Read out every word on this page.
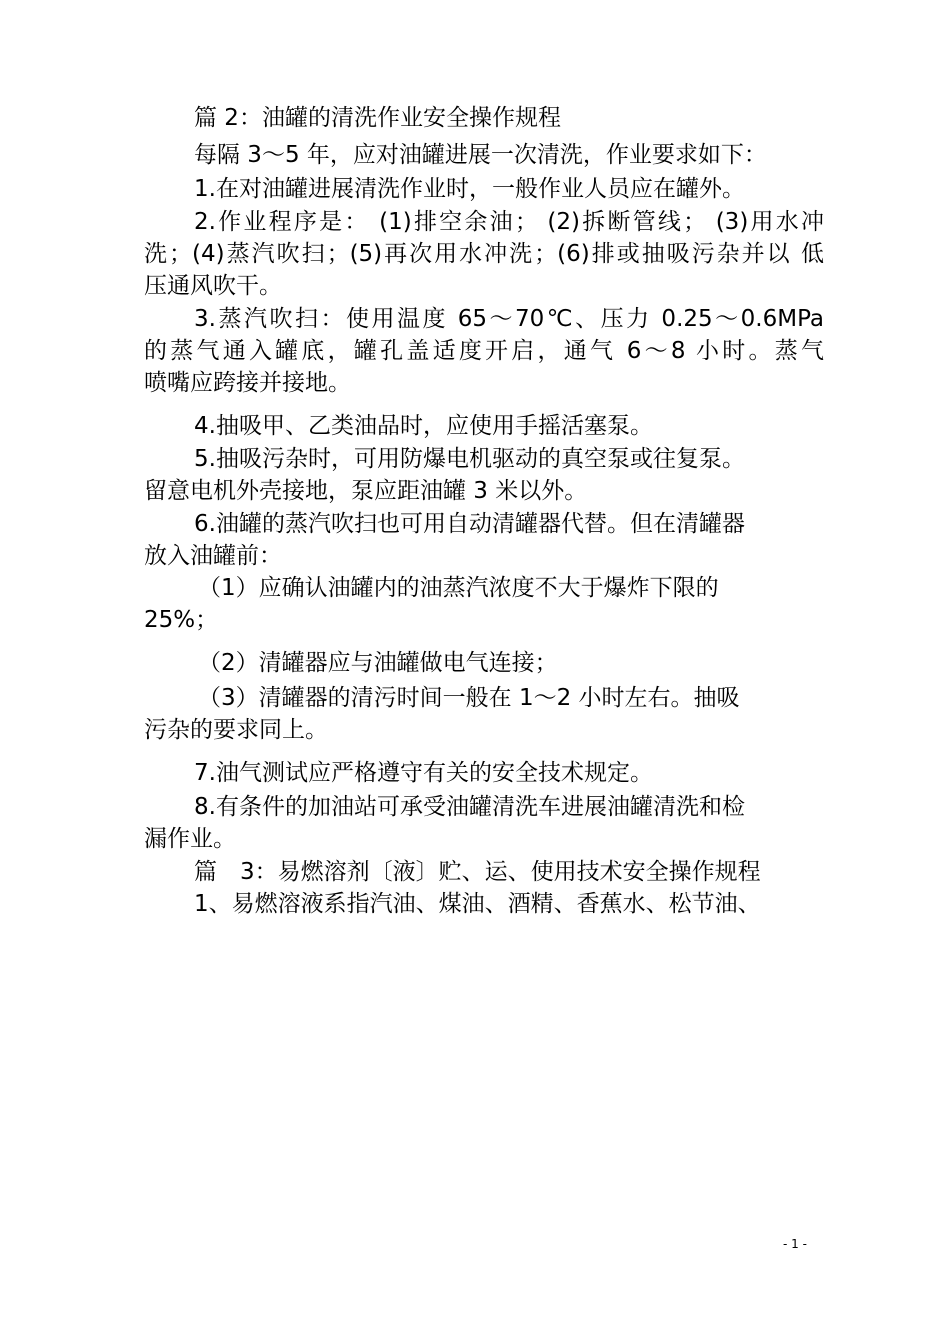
篇 2：油罐的清洗作业安全操作规程
每隔 3～5 年，应对油罐进展一次清洗，作业要求如下：
1.在对油罐进展清洗作业时，一般作业人员应在罐外。
2.作业程序是： (1)排空余油； (2)拆断管线； (3)用水冲
洗；(4)蒸汽吹扫；(5)再次用水冲洗；(6)排或抽吸污杂并以 低
压通风吹干。
3.蒸汽吹扫：使用温度 65～70℃、压力 0.25～0.6MPa
的蒸气通入罐底，罐孔盖适度开启，通气 6～8 小时。蒸气
喷嘴应跨接并接地。
4.抽吸甲、乙类油品时，应使用手摇活塞泵。
5.抽吸污杂时，可用防爆电机驱动的真空泵或往复泵。
留意电机外壳接地，泵应距油罐 3 米以外。
6.油罐的蒸汽吹扫也可用自动清罐器代替。但在清罐器
放入油罐前：
（1）应确认油罐内的油蒸汽浓度不大于爆炸下限的
25%；
（2）清罐器应与油罐做电气连接；
（3）清罐器的清污时间一般在 1～2 小时左右。抽吸
污杂的要求同上。
7.油气测试应严格遵守有关的安全技术规定。
8.有条件的加油站可承受油罐清洗车进展油罐清洗和检
漏作业。
篇　3：易燃溶剂〔液〕贮、运、使用技术安全操作规程
1、易燃溶液系指汽油、煤油、酒精、香蕉水、松节油、
- 1 -
